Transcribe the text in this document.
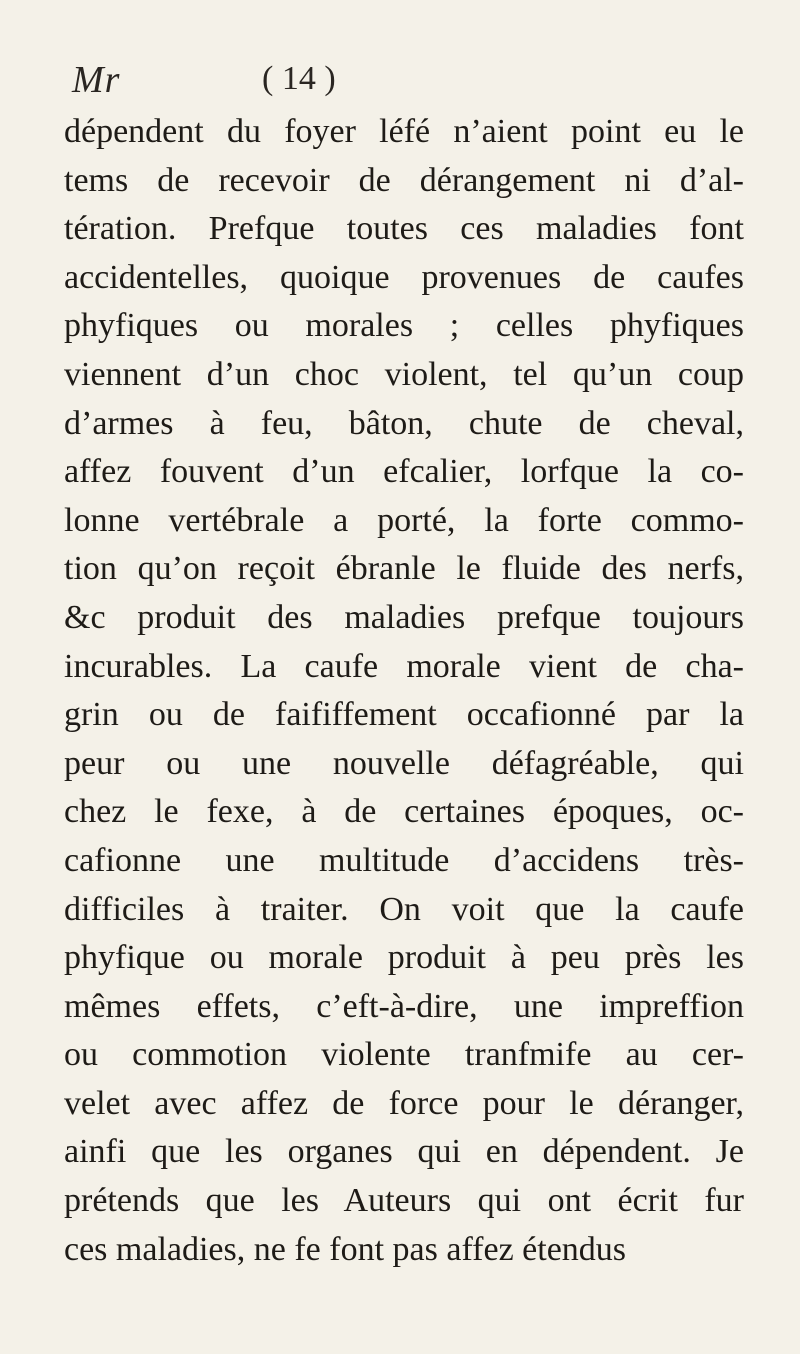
Mr	( 14 )
dépendent du foyer léfé n’aient point eu le
tems de recevoir de dérangement ni d’al-
tération. Prefque toutes ces maladies font
accidentelles, quoique provenues de caufes
phyfiques ou morales ; celles phyfiques
viennent d’un choc violent, tel qu’un coup
d’armes à feu, bâton, chute de cheval,
affez fouvent d’un efcalier, lorfque la co-
lonne vertébrale a porté, la forte commo-
tion qu’on reçoit ébranle le fluide des nerfs,
&c produit des maladies prefque toujours
incurables. La caufe morale vient de cha-
grin ou de faififfement occafionné par la
peur ou une nouvelle défagréable, qui
chez le fexe, à de certaines époques, oc-
cafionne une multitude d’accidens très-
difficiles à traiter. On voit que la caufe
phyfique ou morale produit à peu près les
mêmes effets, c’eft-à-dire, une impreffion
ou commotion violente tranfmife au cer-
velet avec affez de force pour le déranger,
ainfi que les organes qui en dépendent. Je
prétends que les Auteurs qui ont écrit fur
ces maladies, ne fe font pas affez étendus
